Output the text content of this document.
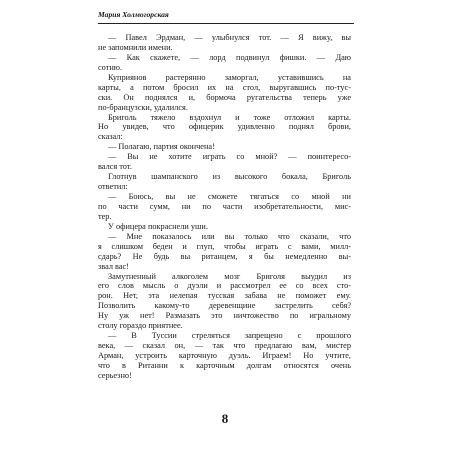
Мария Холмогорская
— Павел Эрдман, — улыбнулся тот. — Я вижу, вы
не запомнили имени.
— Как скажете, — лорд подвинул фишки. — Даю
сотню.
Куприянов растерянно заморгал, уставившись на
карты, а потом бросил их на стол, выругавшись по-тус-
ски. Он поднялся и, бормоча ругательства теперь уже
по-бранцузски, удалился.
Бриголь тяжело вздохнул и тоже отложил карты.
Но увидев, что офицерик удивленно поднял брови,
сказал:
— Полагаю, партия окончена!
— Вы не хотите играть со мной? — поинтересо-
вался тот.
Глотнув шампанского из высокого бокала, Бриголь
ответил:
— Боюсь, вы не сможете тягаться со мной ни
по части сумм, ни по части изобретательности, мис-
тер.
У офицера покраснели уши.
— Мне показалось или вы только что сказали, что
я слишком беден и глуп, чтобы играть с вами, милл-
сдарь? Не будь вы ританцем, я бы немедленно вы-
звал вас!
Замутненный алкоголем мозг Бриголя выудил из
его слов мысль о дуэли и рассмотрел ее со всех сто-
рон. Нет, эта нелепая тусская забава не поможет ему.
Позволить какому-то деревенщине застрелить себя?
Ну уж нет! Размазать это ничтожество по игральному
столу гораздо приятнее.
— В Туссии стреляться запрещено с прошлого
века, — сказал он, — так что предлагаю вам, мистер
Арман, устроить карточную дуэль. Играем! Но учтите,
что в Ританни к карточным долгам относятся очень
серьезно!
8
